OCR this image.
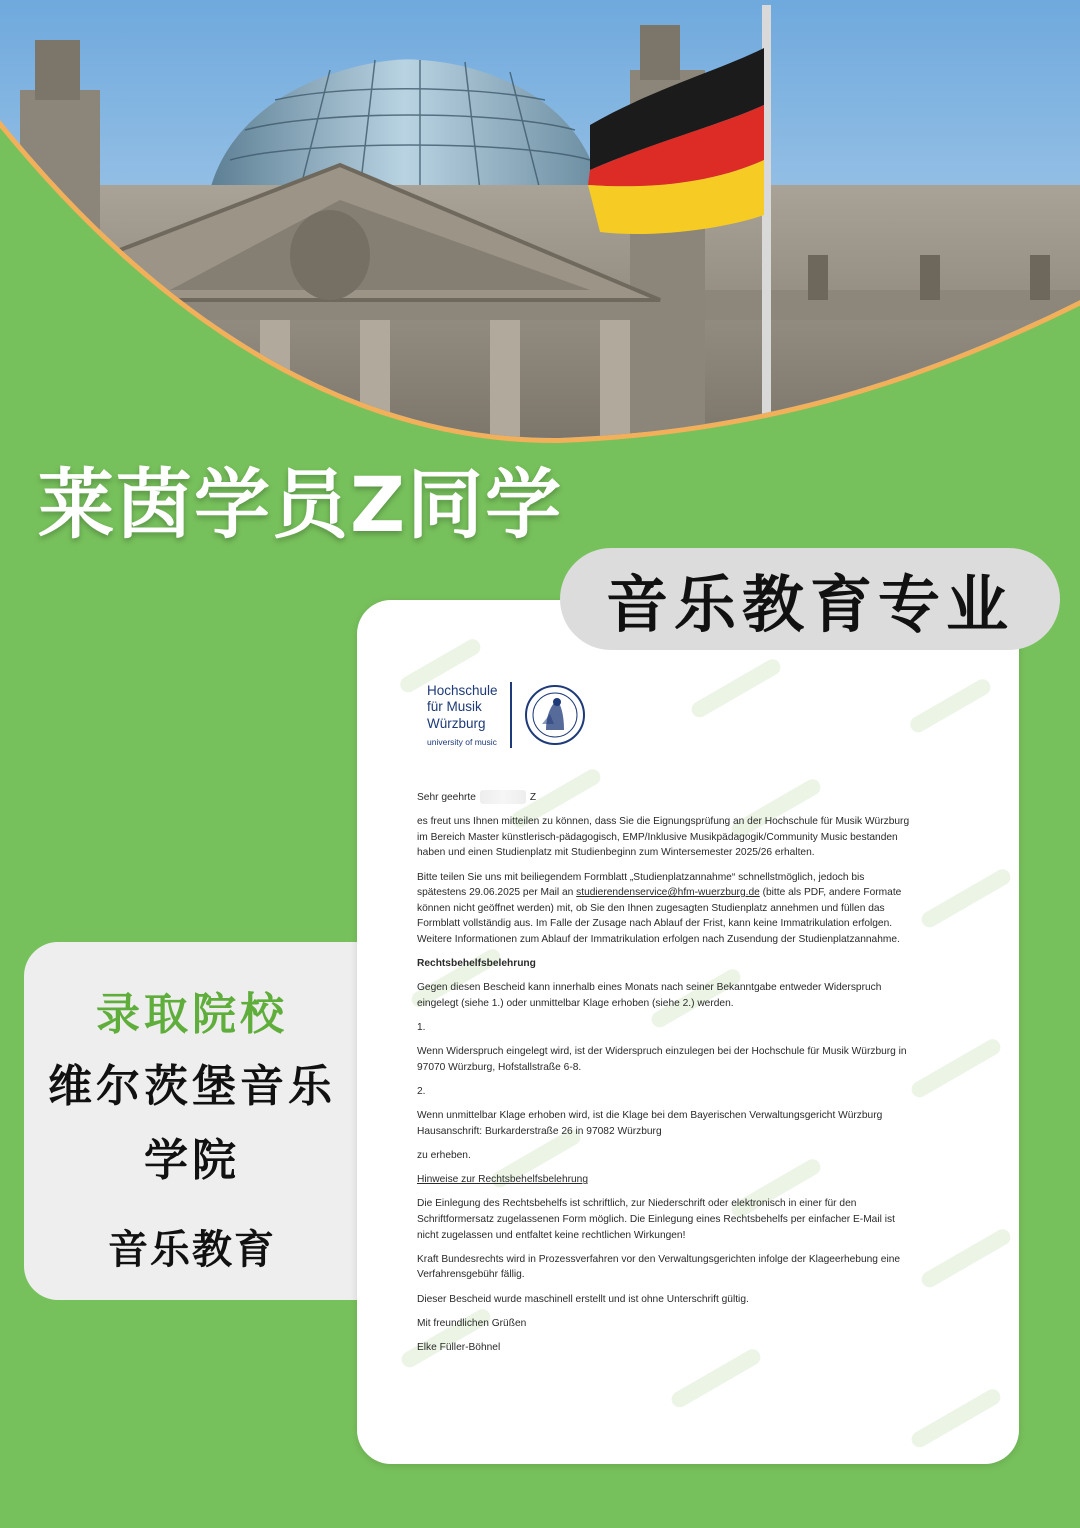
莱茵学员Z同学
音乐教育专业
Hochschule
für Musik
Würzburg
university of music

Sehr geehrte	Z

es freut uns Ihnen mitteilen zu können, dass Sie die Eignungsprüfung an der Hochschule für Musik Würzburg im Bereich Master künstlerisch-pädagogisch, EMP/Inklusive Musikpädagogik/Community Music bestanden haben und einen Studienplatz mit Studienbeginn zum Wintersemester 2025/26 erhalten.

Bitte teilen Sie uns mit beiliegendem Formblatt „Studienplatzannahme“ schnellstmöglich, jedoch bis spätestens 29.06.2025 per Mail an studierendenservice@hfm-wuerzburg.de (bitte als PDF, andere Formate können nicht geöffnet werden) mit, ob Sie den Ihnen zugesagten Studienplatz annehmen und füllen das Formblatt vollständig aus. Im Falle der Zusage nach Ablauf der Frist, kann keine Immatrikulation erfolgen. Weitere Informationen zum Ablauf der Immatrikulation erfolgen nach Zusendung der Studienplatzannahme.

Rechtsbehelfsbelehrung

Gegen diesen Bescheid kann innerhalb eines Monats nach seiner Bekanntgabe entweder Widerspruch eingelegt (siehe 1.) oder unmittelbar Klage erhoben (siehe 2.) werden.

1.

Wenn Widerspruch eingelegt wird, ist der Widerspruch einzulegen bei der Hochschule für Musik Würzburg in 97070 Würzburg, Hofstallstraße 6-8.

2.

Wenn unmittelbar Klage erhoben wird, ist die Klage bei dem Bayerischen Verwaltungsgericht Würzburg Hausanschrift: Burkarderstraße 26 in 97082 Würzburg

zu erheben.

Hinweise zur Rechtsbehelfsbelehrung

Die Einlegung des Rechtsbehelfs ist schriftlich, zur Niederschrift oder elektronisch in einer für den Schriftformersatz zugelassenen Form möglich. Die Einlegung eines Rechtsbehelfs per einfacher E-Mail ist nicht zugelassen und entfaltet keine rechtlichen Wirkungen!

Kraft Bundesrechts wird in Prozessverfahren vor den Verwaltungsgerichten infolge der Klageerhebung eine Verfahrensgebühr fällig.

Dieser Bescheid wurde maschinell erstellt und ist ohne Unterschrift gültig.

Mit freundlichen Grüßen

Elke Füller-Böhnel

录取院校
维尔茨堡音乐学院
音乐教育
